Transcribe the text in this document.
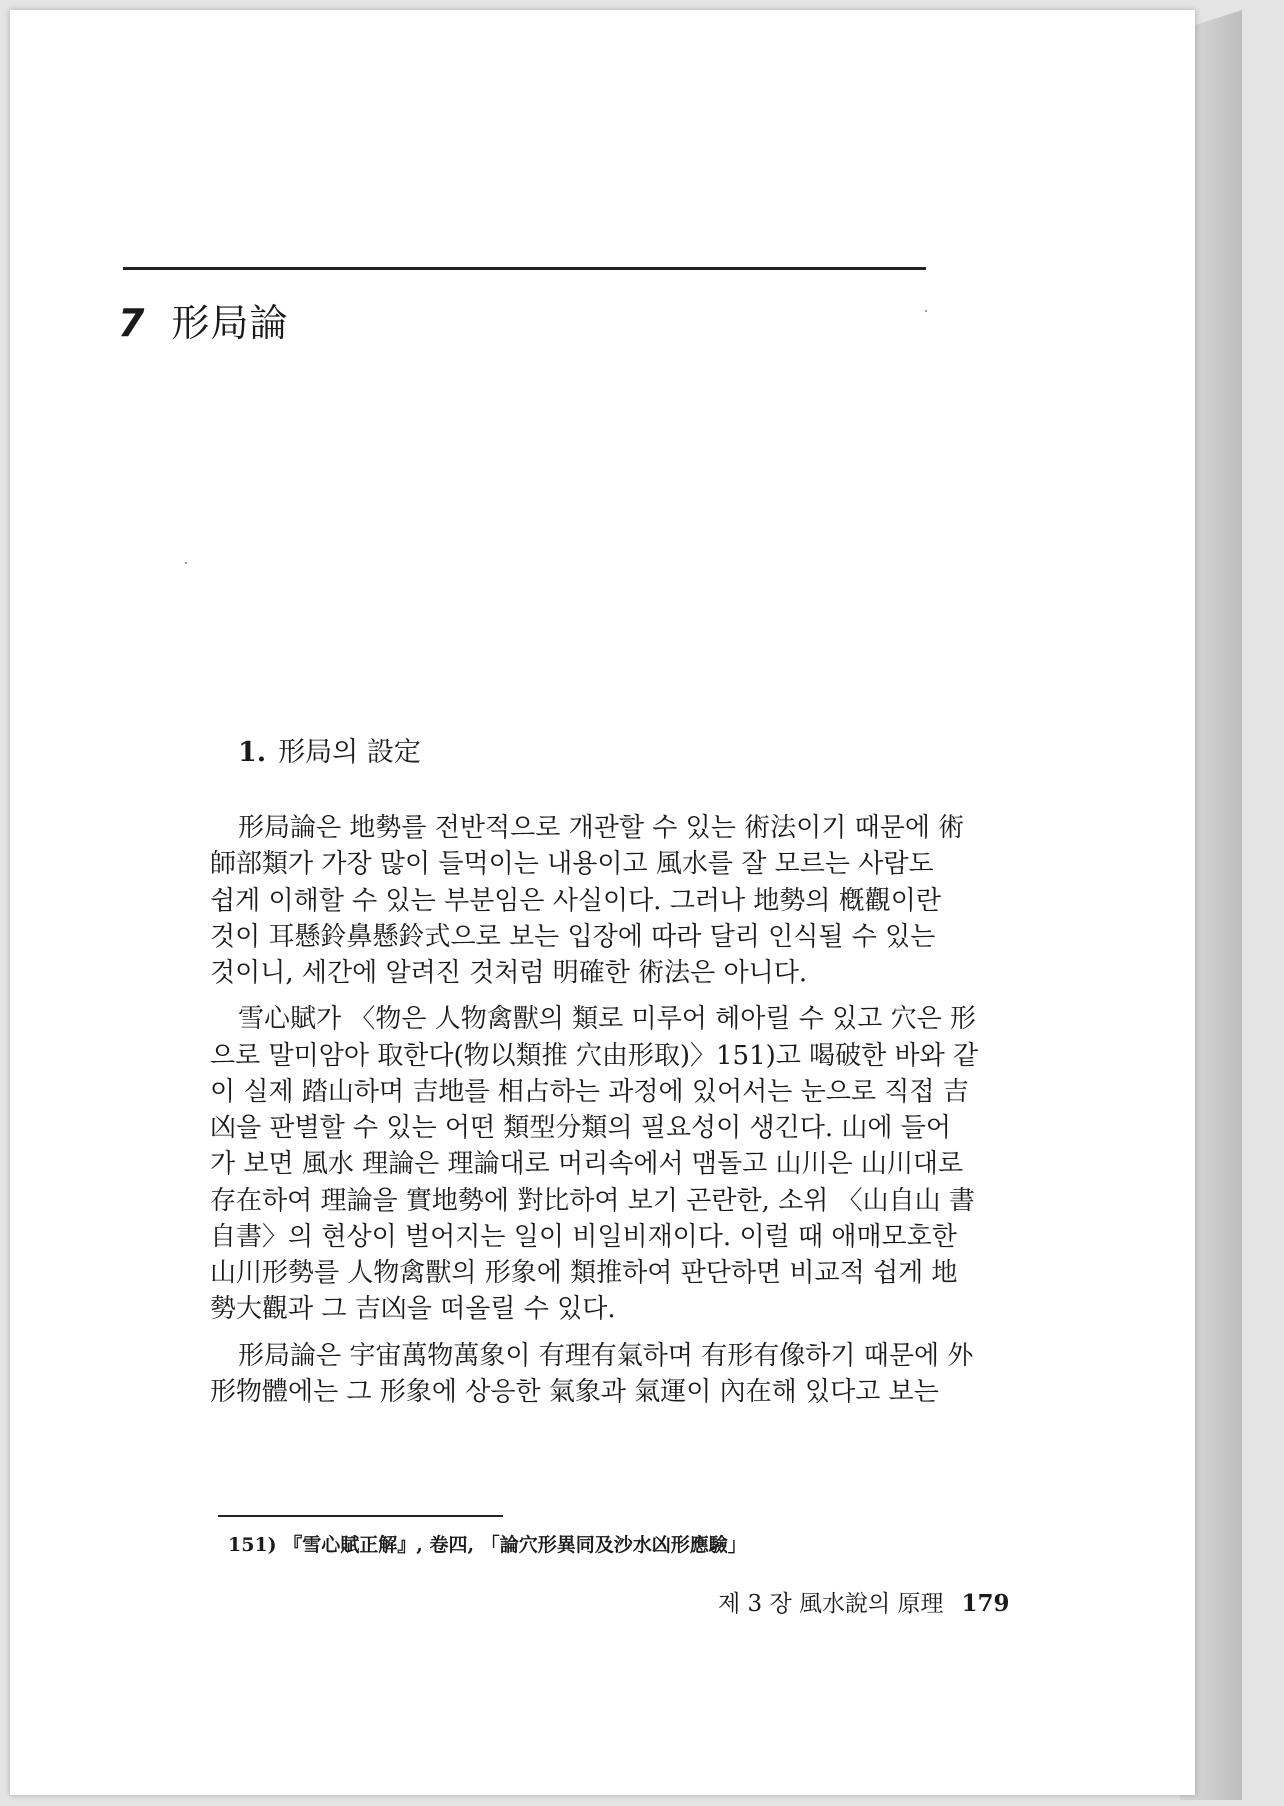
7 形局論
1. 形局의 設定

形局論은 地勢를 전반적으로 개관할 수 있는 術法이기 때문에 術
師部類가 가장 많이 들먹이는 내용이고 風水를 잘 모르는 사람도
쉽게 이해할 수 있는 부분임은 사실이다. 그러나 地勢의 槪觀이란
것이 耳懸鈴鼻懸鈴式으로 보는 입장에 따라 달리 인식될 수 있는
것이니, 세간에 알려진 것처럼 明確한 術法은 아니다.

雪心賦가 〈物은 人物禽獸의 類로 미루어 헤아릴 수 있고 穴은 形
으로 말미암아 取한다(物以類推 穴由形取)〉151)고 喝破한 바와 같
이 실제 踏山하며 吉地를 相占하는 과정에 있어서는 눈으로 직접 吉
凶을 판별할 수 있는 어떤 類型分類의 필요성이 생긴다. 山에 들어
가 보면 風水 理論은 理論대로 머리속에서 맴돌고 山川은 山川대로
存在하여 理論을 實地勢에 對比하여 보기 곤란한, 소위 〈山自山 書
自書〉의 현상이 벌어지는 일이 비일비재이다. 이럴 때 애매모호한
山川形勢를 人物禽獸의 形象에 類推하여 판단하면 비교적 쉽게 地
勢大觀과 그 吉凶을 떠올릴 수 있다.

形局論은 宇宙萬物萬象이 有理有氣하며 有形有像하기 때문에 外
形物體에는 그 形象에 상응한 氣象과 氣運이 內在해 있다고 보는

151) 『雪心賦正解』, 卷四, 「論穴形異同及沙水凶形應驗」
제 3 장 風水說의 原理 179
